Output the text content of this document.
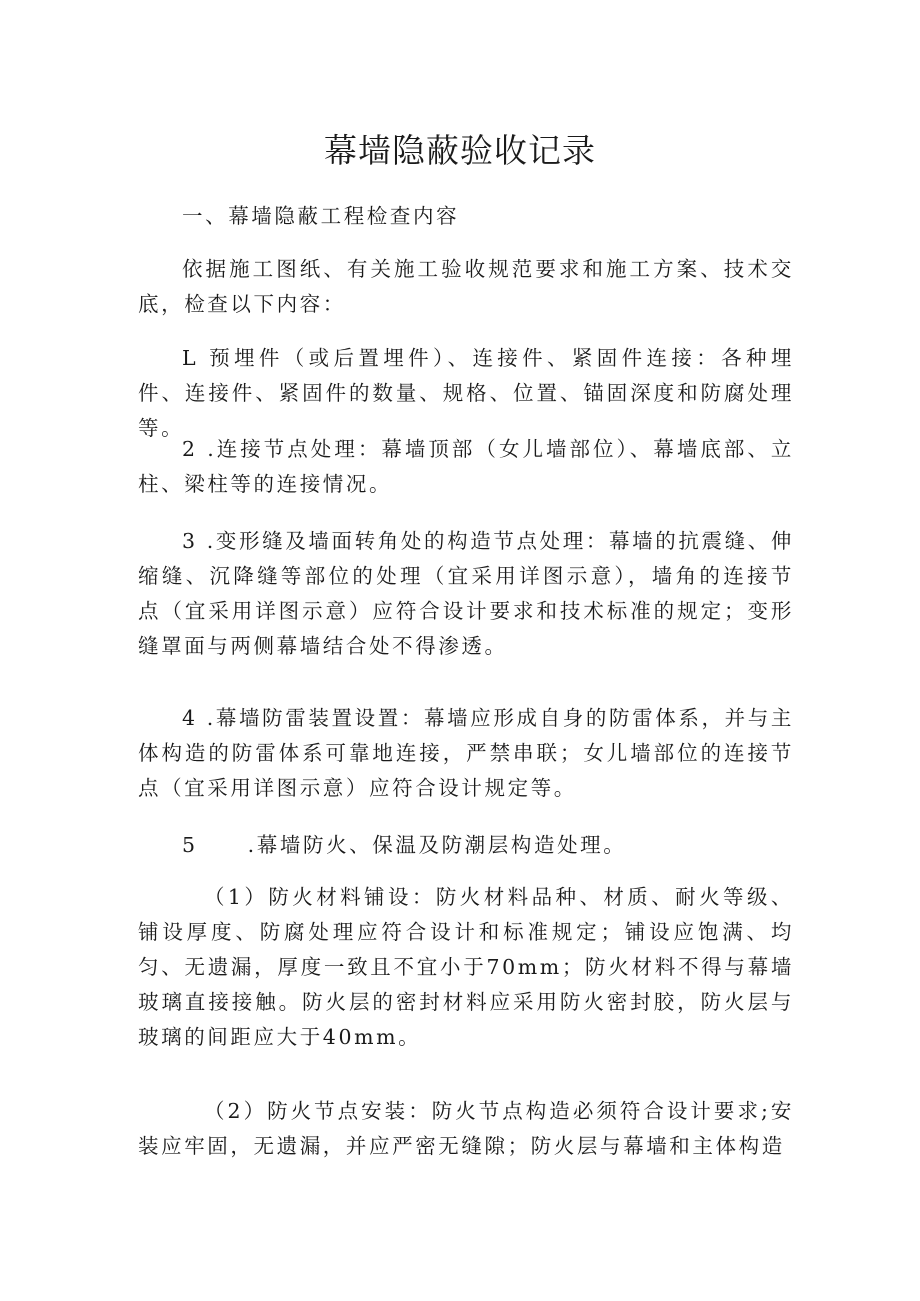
幕墙隐蔽验收记录
一、幕墙隐蔽工程检查内容
依据施工图纸、有关施工验收规范要求和施工方案、技术交底，检查以下内容：
L 预埋件（或后置埋件）、连接件、紧固件连接：各种埋件、连接件、紧固件的数量、规格、位置、锚固深度和防腐处理等。
2 .连接节点处理：幕墙顶部（女儿墙部位）、幕墙底部、立柱、梁柱等的连接情况。
3 .变形缝及墙面转角处的构造节点处理：幕墙的抗震缝、伸缩缝、沉降缝等部位的处理（宜采用详图示意），墙角的连接节点（宜采用详图示意）应符合设计要求和技术标准的规定；变形缝罩面与两侧幕墙结合处不得渗透。
4 .幕墙防雷装置设置：幕墙应形成自身的防雷体系，并与主体构造的防雷体系可靠地连接，严禁串联；女儿墙部位的连接节点（宜采用详图示意）应符合设计规定等。
5 .幕墙防火、保温及防潮层构造处理。
（1）防火材料铺设：防火材料品种、材质、耐火等级、铺设厚度、防腐处理应符合设计和标准规定；铺设应饱满、均匀、无遗漏，厚度一致且不宜小于70mm；防火材料不得与幕墙玻璃直接接触。防火层的密封材料应采用防火密封胶，防火层与玻璃的间距应大于40mm。
（2）防火节点安装：防火节点构造必须符合设计要求;安装应牢固，无遗漏，并应严密无缝隙；防火层与幕墙和主体构造
